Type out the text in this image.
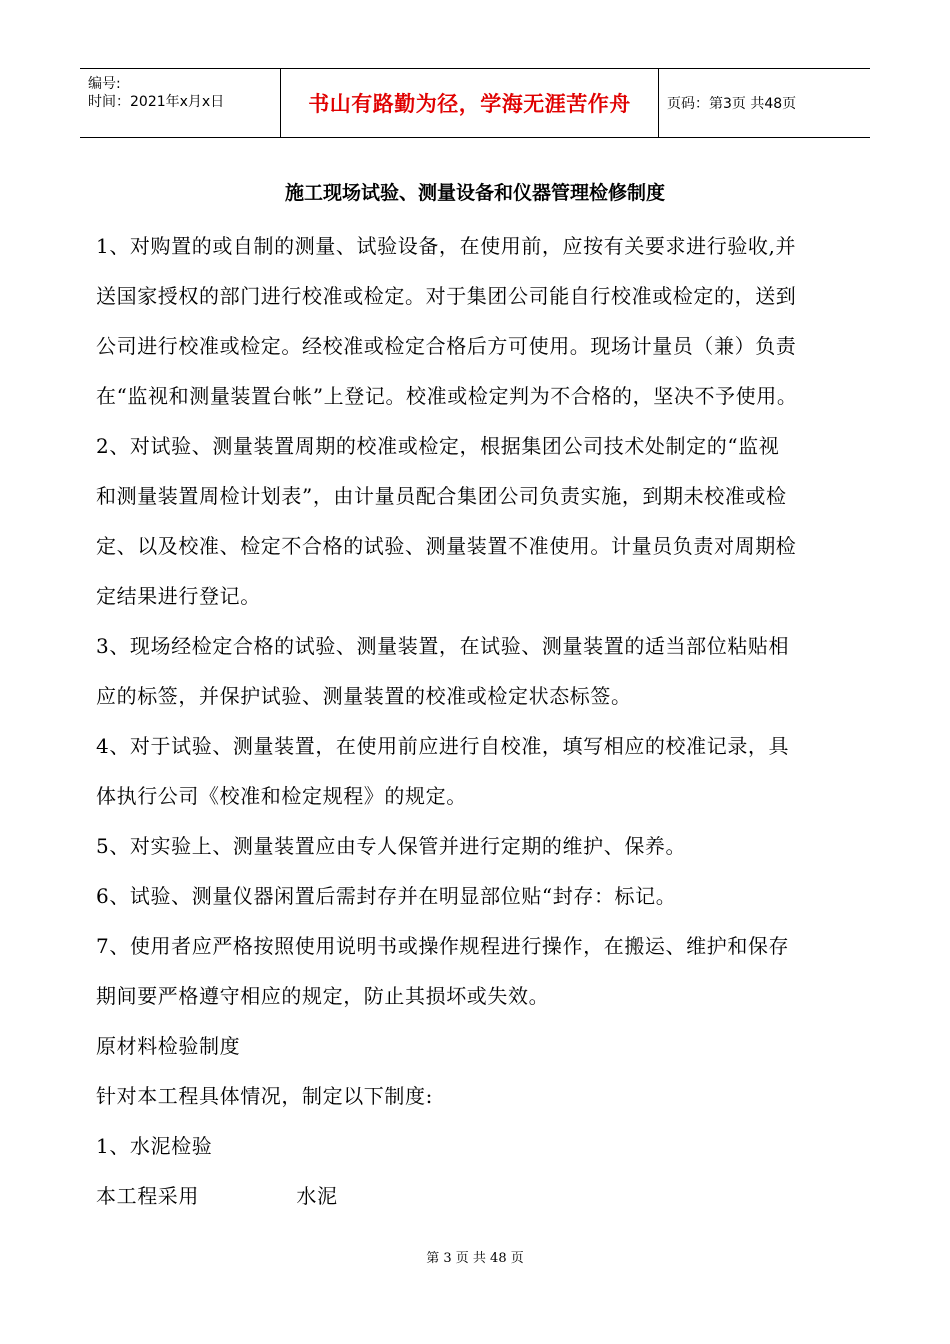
编号:
时间：2021年x月x日	书山有路勤为径，学海无涯苦作舟	页码：第3页 共48页
施工现场试验、测量设备和仪器管理检修制度
1、对购置的或自制的测量、试验设备，在使用前，应按有关要求进行验收,并
送国家授权的部门进行校准或检定。对于集团公司能自行校准或检定的，送到
公司进行校准或检定。经校准或检定合格后方可使用。现场计量员（兼）负责
在“监视和测量装置台帐”上登记。校准或检定判为不合格的，坚决不予使用。
2、对试验、测量装置周期的校准或检定，根据集团公司技术处制定的“监视
和测量装置周检计划表”，由计量员配合集团公司负责实施，到期未校准或检
定、以及校准、检定不合格的试验、测量装置不准使用。计量员负责对周期检
定结果进行登记。
3、现场经检定合格的试验、测量装置，在试验、测量装置的适当部位粘贴相
应的标签，并保护试验、测量装置的校准或检定状态标签。
4、对于试验、测量装置，在使用前应进行自校准，填写相应的校准记录，具
体执行公司《校准和检定规程》的规定。
5、对实验上、测量装置应由专人保管并进行定期的维护、保养。
6、试验、测量仪器闲置后需封存并在明显部位贴“封存：标记。
7、使用者应严格按照使用说明书或操作规程进行操作，在搬运、维护和保存
期间要严格遵守相应的规定，防止其损坏或失效。
原材料检验制度
针对本工程具体情况，制定以下制度:
1、水泥检验
本工程采用              水泥
第 3 页 共 48 页
